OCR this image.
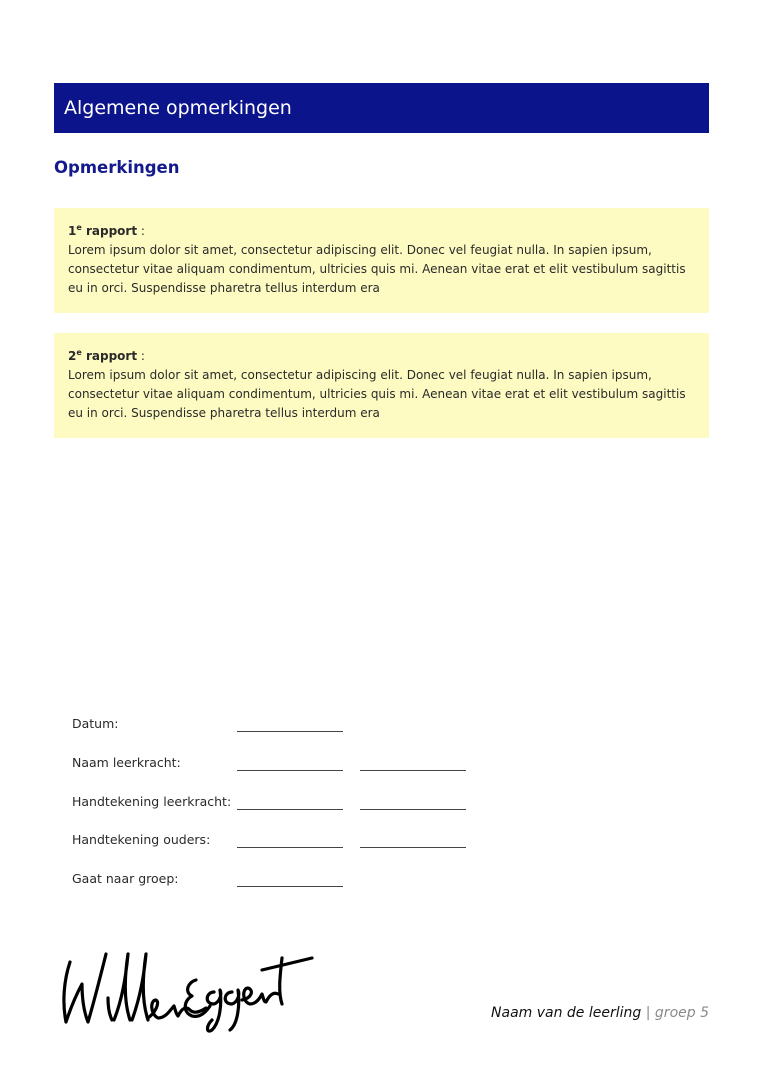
Algemene opmerkingen
Opmerkingen
1e rapport :
Lorem ipsum dolor sit amet, consectetur adipiscing elit. Donec vel feugiat nulla. In sapien ipsum, consectetur vitae aliquam condimentum, ultricies quis mi. Aenean vitae erat et elit vestibulum sagittis eu in orci. Suspendisse pharetra tellus interdum era
2e rapport :
Lorem ipsum dolor sit amet, consectetur adipiscing elit. Donec vel feugiat nulla. In sapien ipsum, consectetur vitae aliquam condimentum, ultricies quis mi. Aenean vitae erat et elit vestibulum sagittis eu in orci. Suspendisse pharetra tellus interdum era
Datum:
Naam leerkracht:
Handtekening leerkracht:
Handtekening ouders:
Gaat naar groep:
Naam van de leerling | groep 5
